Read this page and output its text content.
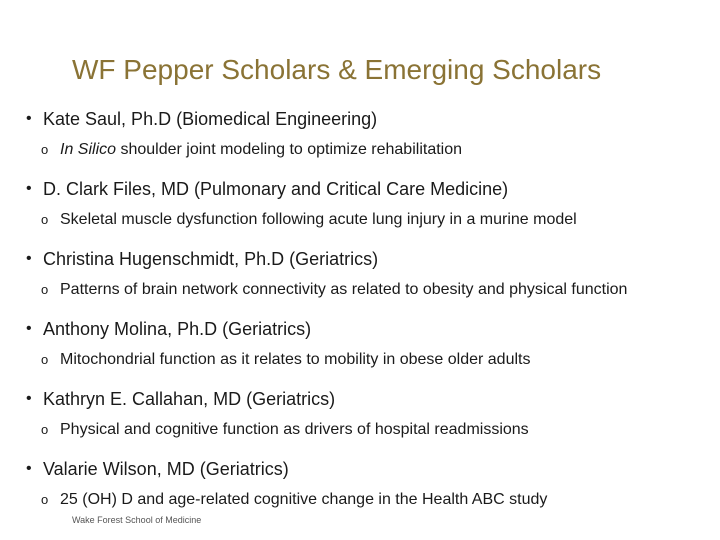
WF Pepper Scholars & Emerging Scholars
• Kate Saul, Ph.D (Biomedical Engineering)
o In Silico shoulder joint modeling to optimize rehabilitation
• D. Clark Files, MD (Pulmonary and Critical Care Medicine)
o Skeletal muscle dysfunction following acute lung injury in a murine model
• Christina Hugenschmidt, Ph.D (Geriatrics)
o Patterns of brain network connectivity as related to obesity and physical function
• Anthony Molina, Ph.D (Geriatrics)
o Mitochondrial function as it relates to mobility in obese older adults
• Kathryn E. Callahan, MD (Geriatrics)
o Physical and cognitive function as drivers of hospital readmissions
• Valarie Wilson, MD (Geriatrics)
o 25 (OH) D and age-related cognitive change in the Health ABC study
Wake Forest School of Medicine
